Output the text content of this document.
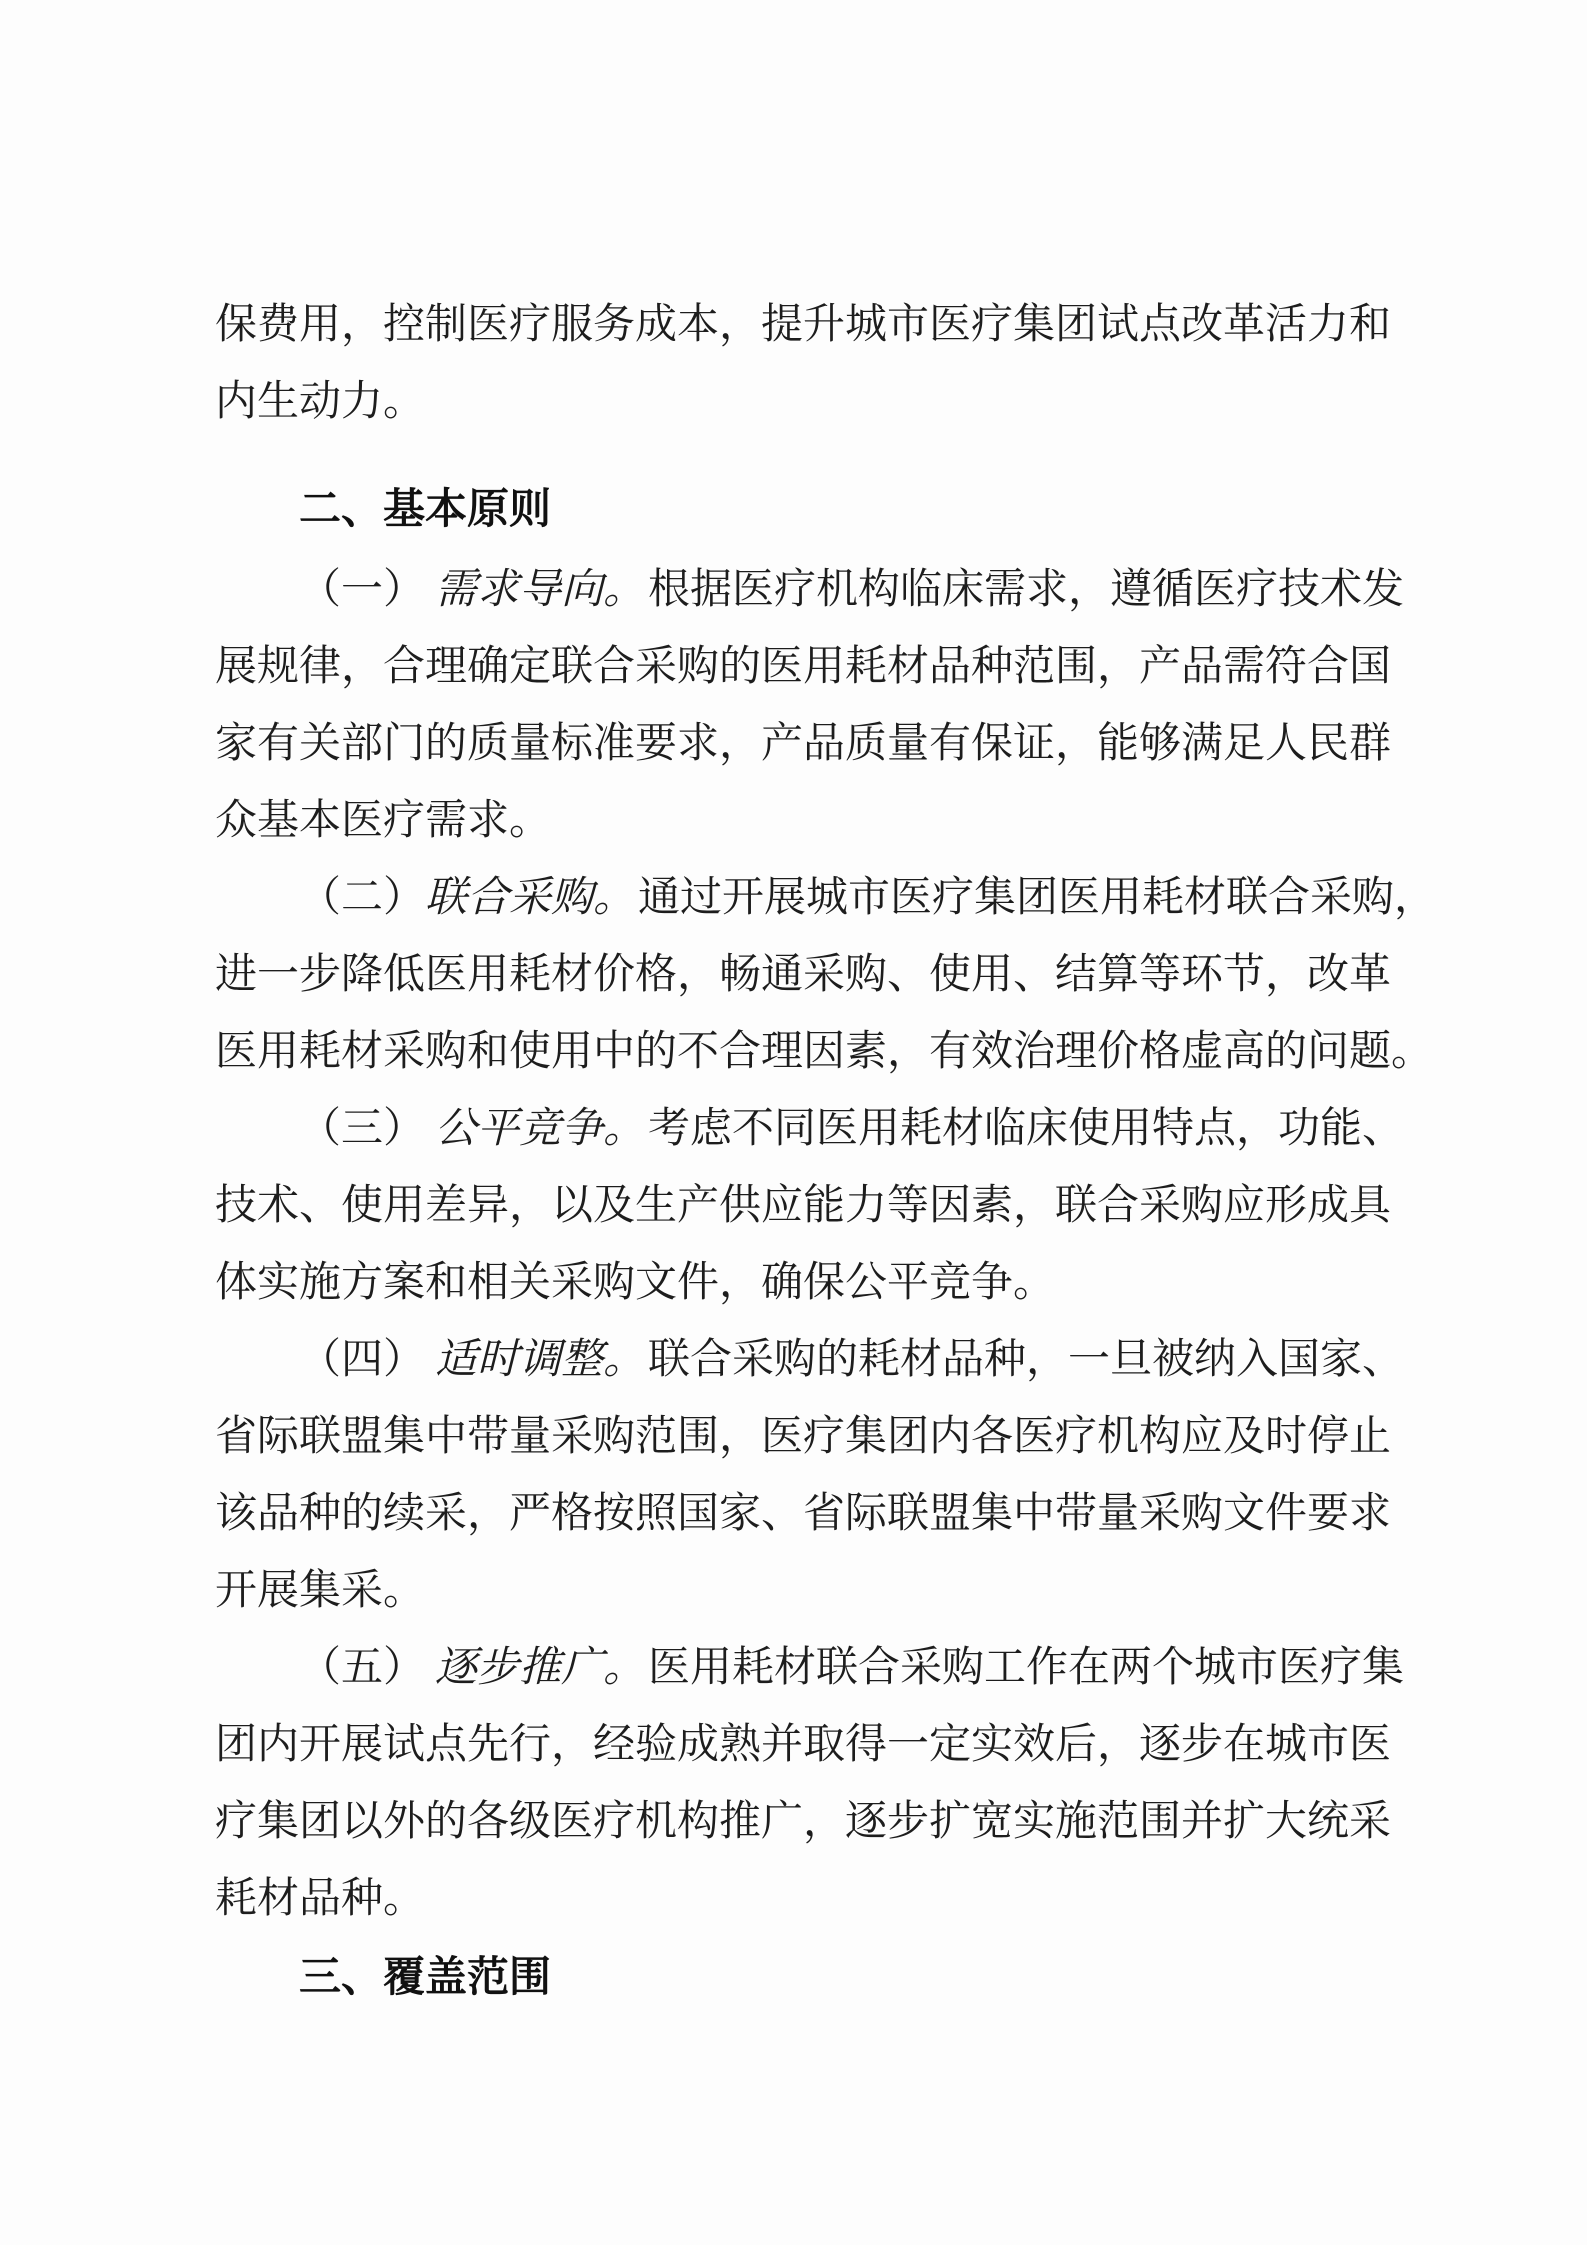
保费用，控制医疗服务成本，提升城市医疗集团试点改革活力和
内生动力。
二、基本原则
（一） 需求导向。根据医疗机构临床需求，遵循医疗技术发
展规律，合理确定联合采购的医用耗材品种范围，产品需符合国
家有关部门的质量标准要求，产品质量有保证，能够满足人民群
众基本医疗需求。
（二）联合采购。通过开展城市医疗集团医用耗材联合采购，
进一步降低医用耗材价格，畅通采购、使用、结算等环节，改革
医用耗材采购和使用中的不合理因素，有效治理价格虚高的问题。
（三） 公平竞争。考虑不同医用耗材临床使用特点，功能、
技术、使用差异，以及生产供应能力等因素，联合采购应形成具
体实施方案和相关采购文件，确保公平竞争。
（四） 适时调整。联合采购的耗材品种，一旦被纳入国家、
省际联盟集中带量采购范围，医疗集团内各医疗机构应及时停止
该品种的续采，严格按照国家、省际联盟集中带量采购文件要求
开展集采。
（五） 逐步推广。医用耗材联合采购工作在两个城市医疗集
团内开展试点先行，经验成熟并取得一定实效后，逐步在城市医
疗集团以外的各级医疗机构推广，逐步扩宽实施范围并扩大统采
耗材品种。
三、覆盖范围
